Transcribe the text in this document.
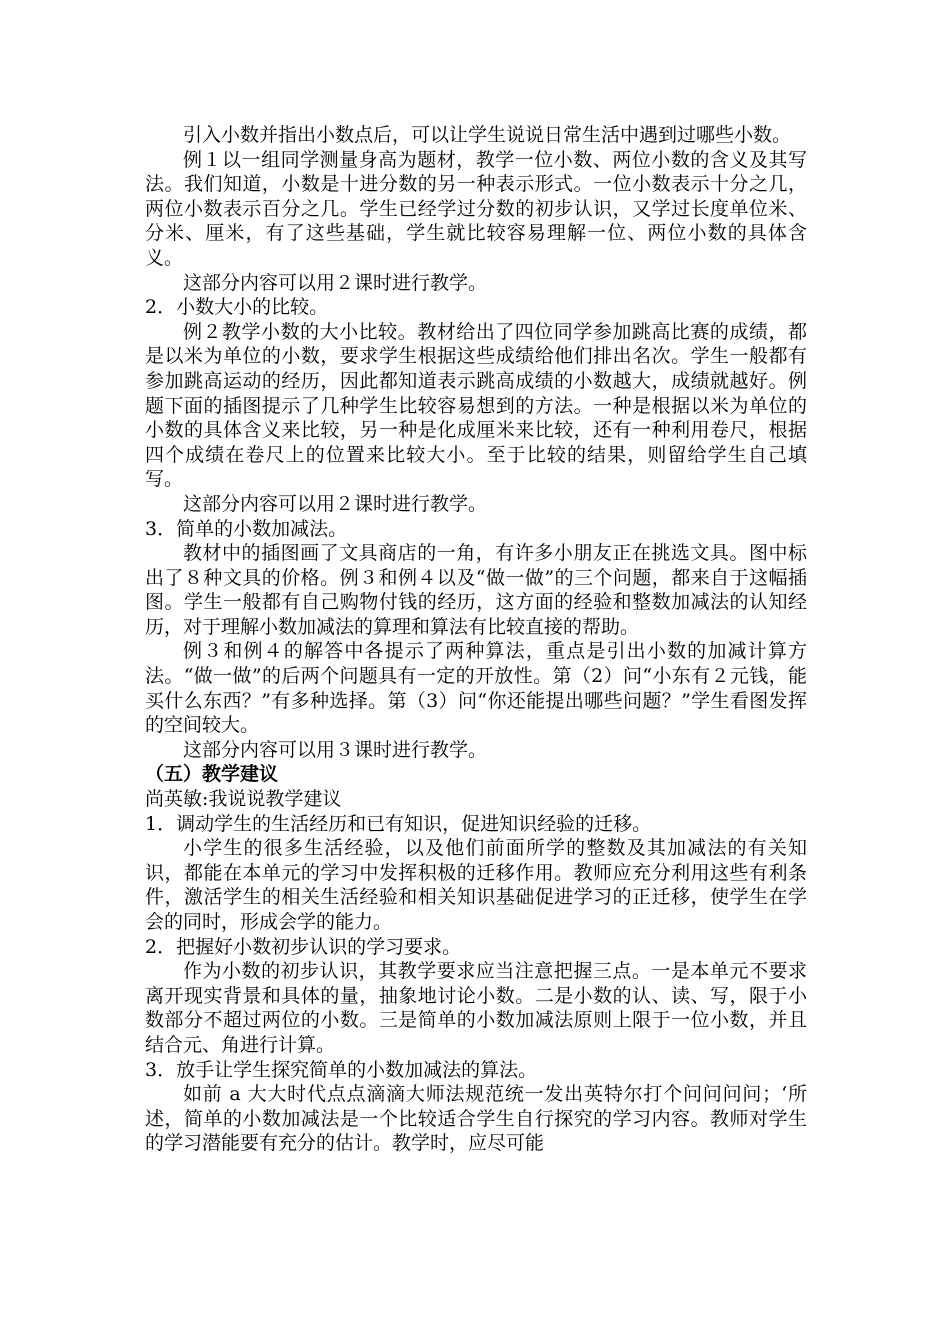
引入小数并指出小数点后，可以让学生说说日常生活中遇到过哪些小数。

例１以一组同学测量身高为题材，教学一位小数、两位小数的含义及其写法。我们知道，小数是十进分数的另一种表示形式。一位小数表示十分之几，两位小数表示百分之几。学生已经学过分数的初步认识，又学过长度单位米、分米、厘米，有了这些基础，学生就比较容易理解一位、两位小数的具体含义。

这部分内容可以用２课时进行教学。

2．小数大小的比较。

例２教学小数的大小比较。教材给出了四位同学参加跳高比赛的成绩，都是以米为单位的小数，要求学生根据这些成绩给他们排出名次。学生一般都有参加跳高运动的经历，因此都知道表示跳高成绩的小数越大，成绩就越好。例题下面的插图提示了几种学生比较容易想到的方法。一种是根据以米为单位的小数的具体含义来比较，另一种是化成厘米来比较，还有一种利用卷尺，根据四个成绩在卷尺上的位置来比较大小。至于比较的结果，则留给学生自己填写。

这部分内容可以用２课时进行教学。

3．简单的小数加减法。

教材中的插图画了文具商店的一角，有许多小朋友正在挑选文具。图中标出了８种文具的价格。例３和例４以及“做一做”的三个问题，都来自于这幅插图。学生一般都有自己购物付钱的经历，这方面的经验和整数加减法的认知经历，对于理解小数加减法的算理和算法有比较直接的帮助。

例３和例４的解答中各提示了两种算法，重点是引出小数的加减计算方法。“做一做”的后两个问题具有一定的开放性。第（2）问“小东有２元钱，能买什么东西？”有多种选择。第（3）问“你还能提出哪些问题？”学生看图发挥的空间较大。

这部分内容可以用３课时进行教学。

（五）教学建议

尚英敏:我说说教学建议

1．调动学生的生活经历和已有知识，促进知识经验的迁移。

小学生的很多生活经验，以及他们前面所学的整数及其加减法的有关知识，都能在本单元的学习中发挥积极的迁移作用。教师应充分利用这些有利条件，激活学生的相关生活经验和相关知识基础促进学习的正迁移，使学生在学会的同时，形成会学的能力。

2．把握好小数初步认识的学习要求。

作为小数的初步认识，其教学要求应当注意把握三点。一是本单元不要求离开现实背景和具体的量，抽象地讨论小数。二是小数的认、读、写，限于小数部分不超过两位的小数。三是简单的小数加减法原则上限于一位小数，并且结合元、角进行计算。

3．放手让学生探究简单的小数加减法的算法。

如前 a 大大时代点点滴滴大师法规范统一发出英特尔打个问问问问；‘所述，简单的小数加减法是一个比较适合学生自行探究的学习内容。教师对学生的学习潜能要有充分的估计。教学时，应尽可能
